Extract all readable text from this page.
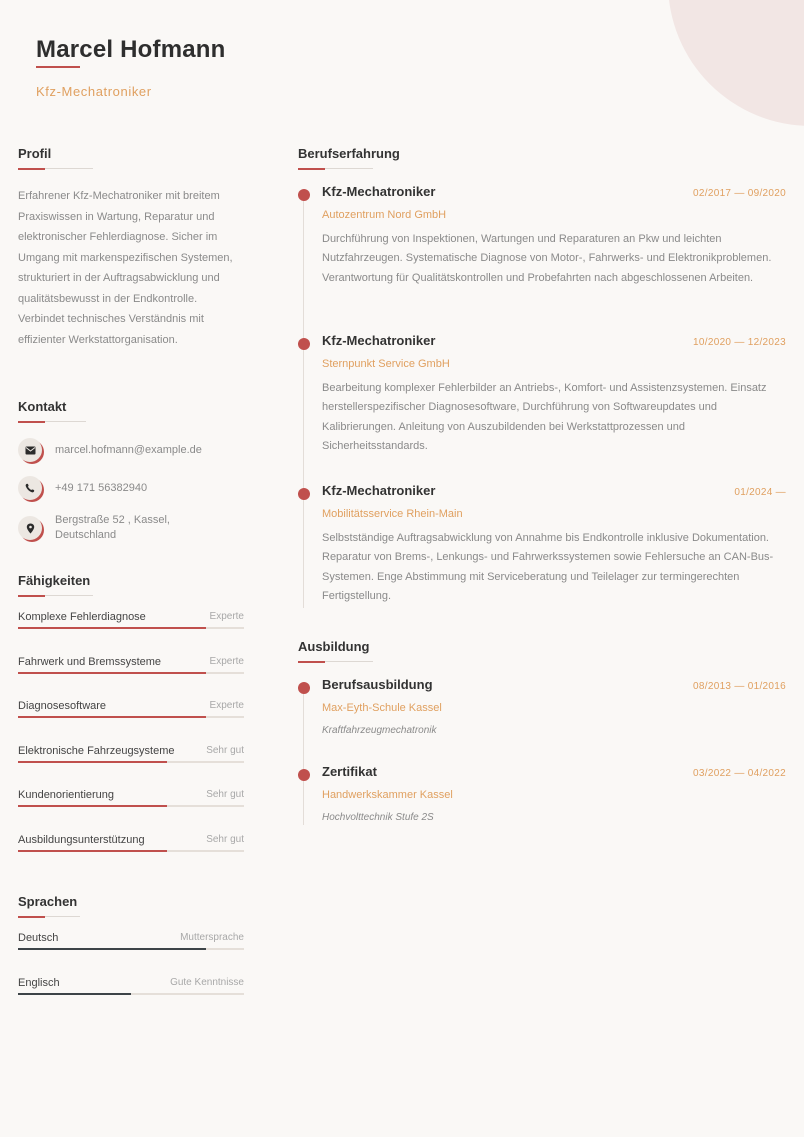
Marcel Hofmann
Kfz-Mechatroniker
Profil
Erfahrener Kfz-Mechatroniker mit breitem Praxiswissen in Wartung, Reparatur und elektronischer Fehlerdiagnose. Sicher im Umgang mit markenspezifischen Systemen, strukturiert in der Auftragsabwicklung und qualitätsbewusst in der Endkontrolle. Verbindet technisches Verständnis mit effizienter Werkstattorganisation.
Kontakt
marcel.hofmann@example.de
+49 171 56382940
Bergstraße 52 , Kassel, Deutschland
Fähigkeiten
Komplexe Fehlerdiagnose	Experte
Fahrwerk und Bremssysteme	Experte
Diagnosesoftware	Experte
Elektronische Fahrzeugsysteme	Sehr gut
Kundenorientierung	Sehr gut
Ausbildungsunterstützung	Sehr gut
Sprachen
Deutsch	Muttersprache
Englisch	Gute Kenntnisse
Berufserfahrung
Kfz-Mechatroniker	02/2017 — 09/2020
Autozentrum Nord GmbH
Durchführung von Inspektionen, Wartungen und Reparaturen an Pkw und leichten Nutzfahrzeugen. Systematische Diagnose von Motor-, Fahrwerks- und Elektronikproblemen. Verantwortung für Qualitätskontrollen und Probefahrten nach abgeschlossenen Arbeiten.
Kfz-Mechatroniker	10/2020 — 12/2023
Sternpunkt Service GmbH
Bearbeitung komplexer Fehlerbilder an Antriebs-, Komfort- und Assistenzsystemen. Einsatz herstellerspezifischer Diagnosesoftware, Durchführung von Softwareupdates und Kalibrierungen. Anleitung von Auszubildenden bei Werkstattprozessen und Sicherheitsstandards.
Kfz-Mechatroniker	01/2024 —
Mobilitätsservice Rhein-Main
Selbstständige Auftragsabwicklung von Annahme bis Endkontrolle inklusive Dokumentation. Reparatur von Brems-, Lenkungs- und Fahrwerkssystemen sowie Fehlersuche an CAN-Bus-Systemen. Enge Abstimmung mit Serviceberatung und Teilelager zur termingerechten Fertigstellung.
Ausbildung
Berufsausbildung	08/2013 — 01/2016
Max-Eyth-Schule Kassel
Kraftfahrzeugmechatronik
Zertifikat	03/2022 — 04/2022
Handwerkskammer Kassel
Hochvolttechnik Stufe 2S
